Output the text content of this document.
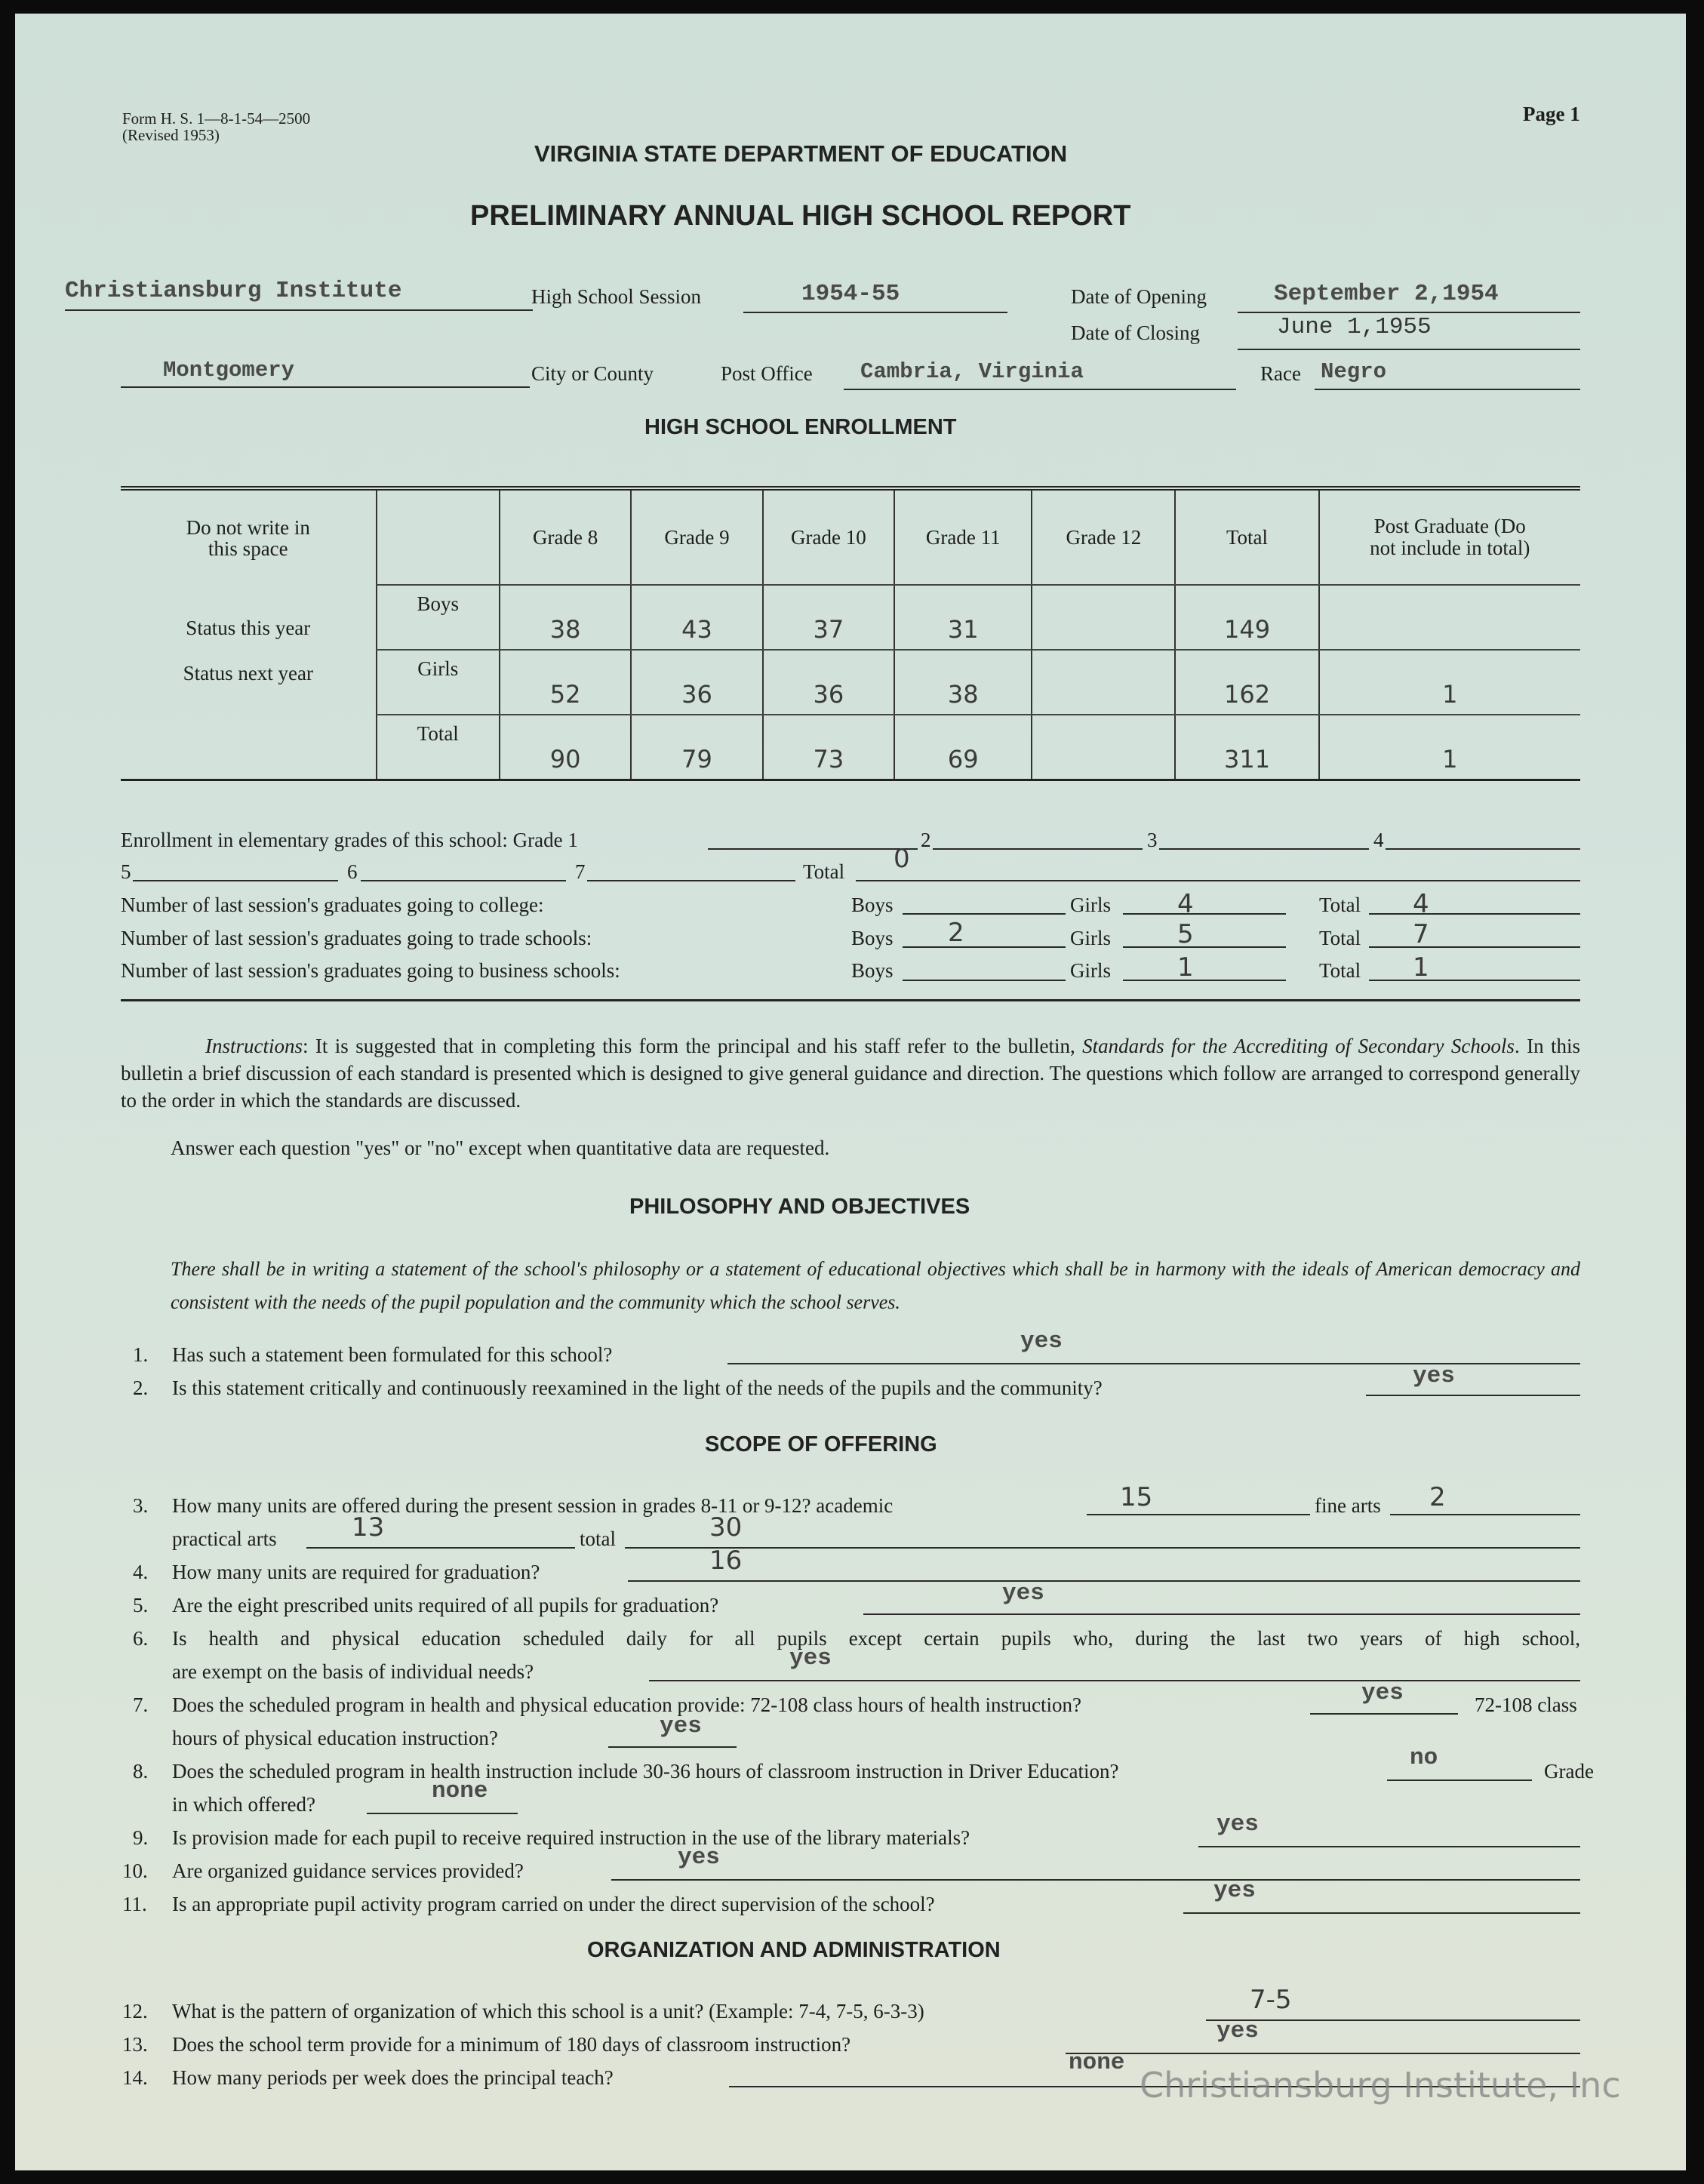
Form H. S. 1—8-1-54—2500
(Revised 1953)
Page 1
VIRGINIA STATE DEPARTMENT OF EDUCATION
PRELIMINARY ANNUAL HIGH SCHOOL REPORT
Christiansburg Institute	High School Session	1954-55	Date of Opening	September 2,1954
Date of Closing	June 1,1955
Montgomery	City or County	Post Office Cambria, Virginia	Race Negro
HIGH SCHOOL ENROLLMENT
Do not write in this space		Grade 8	Grade 9	Grade 10	Grade 11	Grade 12	Total	Post Graduate (Do not include in total)

Status this year	Boys	38	43	37	31		149	

Status next year	Girls	52	36	36	38		162	1
	Total	90	79	73	69		311	1
Enrollment in elementary grades of this school: Grade 1	2	3	4
5	6	7	Total 0
Number of last session's graduates going to college:	Boys	Girls	4	Total 4
Number of last session's graduates going to trade schools:	Boys 2	Girls	5	Total 7
Number of last session's graduates going to business schools:	Boys	Girls	1	Total 1
Instructions: It is suggested that in completing this form the principal and his staff refer to the bulletin, Standards for the Accrediting of Secondary Schools. In this bulletin a brief discussion of each standard is presented which is designed to give general guidance and direction. The questions which follow are arranged to correspond generally to the order in which the standards are discussed.
Answer each question "yes" or "no" except when quantitative data are requested.
PHILOSOPHY AND OBJECTIVES
There shall be in writing a statement of the school's philosophy or a statement of educational objectives which shall be in harmony with the ideals of American democracy and consistent with the needs of the pupil population and the community which the school serves.
1. Has such a statement been formulated for this school?	yes
2. Is this statement critically and continuously reexamined in the light of the needs of the pupils and the community?	yes
SCOPE OF OFFERING
3. How many units are offered during the present session in grades 8-11 or 9-12? academic	15	fine arts 2
practical arts	13	total	30
4. How many units are required for graduation?	16
5. Are the eight prescribed units required of all pupils for graduation?	yes
6. Is health and physical education scheduled daily for all pupils except certain pupils who, during the last two years of high school,
are exempt on the basis of individual needs?	yes
7. Does the scheduled program in health and physical education provide: 72-108 class hours of health instruction?	yes	72-108 class
hours of physical education instruction?	yes
8. Does the scheduled program in health instruction include 30-36 hours of classroom instruction in Driver Education?	no	Grade
in which offered?	none
9. Is provision made for each pupil to receive required instruction in the use of the library materials?	yes
10. Are organized guidance services provided?	yes
11. Is an appropriate pupil activity program carried on under the direct supervision of the school?	yes
ORGANIZATION AND ADMINISTRATION
12. What is the pattern of organization of which this school is a unit? (Example: 7-4, 7-5, 6-3-3)	7-5
13. Does the school term provide for a minimum of 180 days of classroom instruction?	yes
14. How many periods per week does the principal teach?
none
Christiansburg Institute, Inc
